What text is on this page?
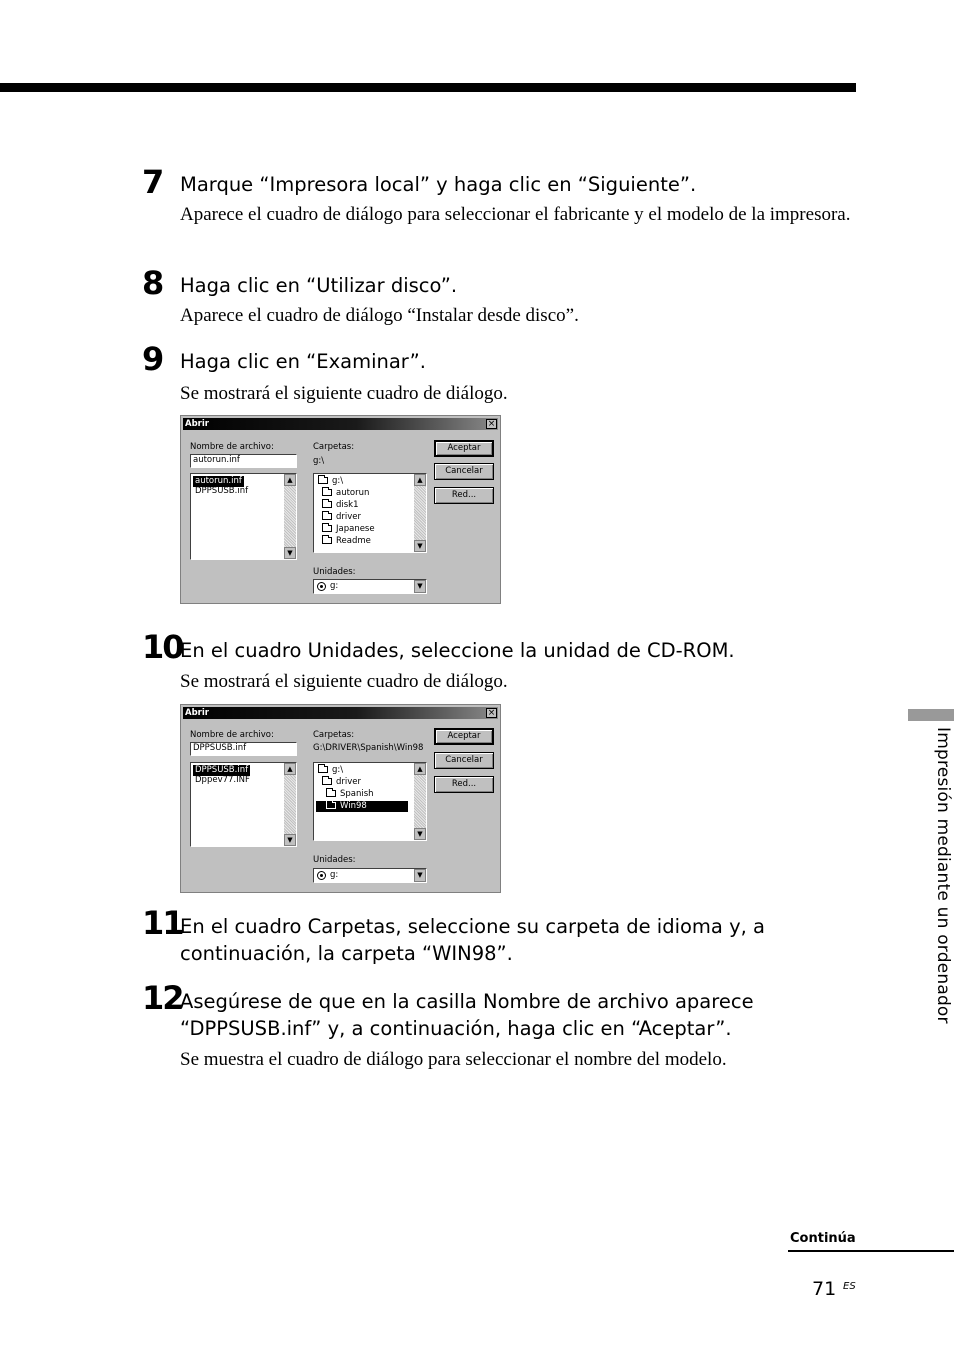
7 Marque “Impresora local” y haga clic en “Siguiente”.
Aparece el cuadro de diálogo para seleccionar el fabricante y el modelo de la impresora.
8 Haga clic en “Utilizar disco”.
Aparece el cuadro de diálogo “Instalar desde disco”.
9 Haga clic en “Examinar”.
Se mostrará el siguiente cuadro de diálogo.
Abrir	×
Nombre de archivo:
autorun.inf
autorun.inf
DPPSUSB.inf
▲
▼
Carpetas:
g:\
g:\
autorun
disk1
driver
Japanese
Readme
▲
▼
Unidades:
g:	▼
Aceptar
Cancelar
Red...
10
En el cuadro Unidades, seleccione la unidad de CD-ROM.
Se mostrará el siguiente cuadro de diálogo.
Abrir	×
Nombre de archivo:
DPPSUSB.inf
DPPSUSB.inf
Dppev77.INF
▲
▼
Carpetas:
G:\DRIVER\Spanish\Win98
g:\
driver
Spanish
Win98
▲
▼
Unidades:
g:	▼
Aceptar
Cancelar
Red...
11
En el cuadro Carpetas, seleccione su carpeta de idioma y, a continuación, la carpeta “WIN98”.
12
Asegúrese de que en la casilla Nombre de archivo aparece “DPPSUSB.inf” y, a continuación, haga clic en “Aceptar”.
Se muestra el cuadro de diálogo para seleccionar el nombre del modelo.
Impresión mediante un ordenador
Continúa
71 ES
